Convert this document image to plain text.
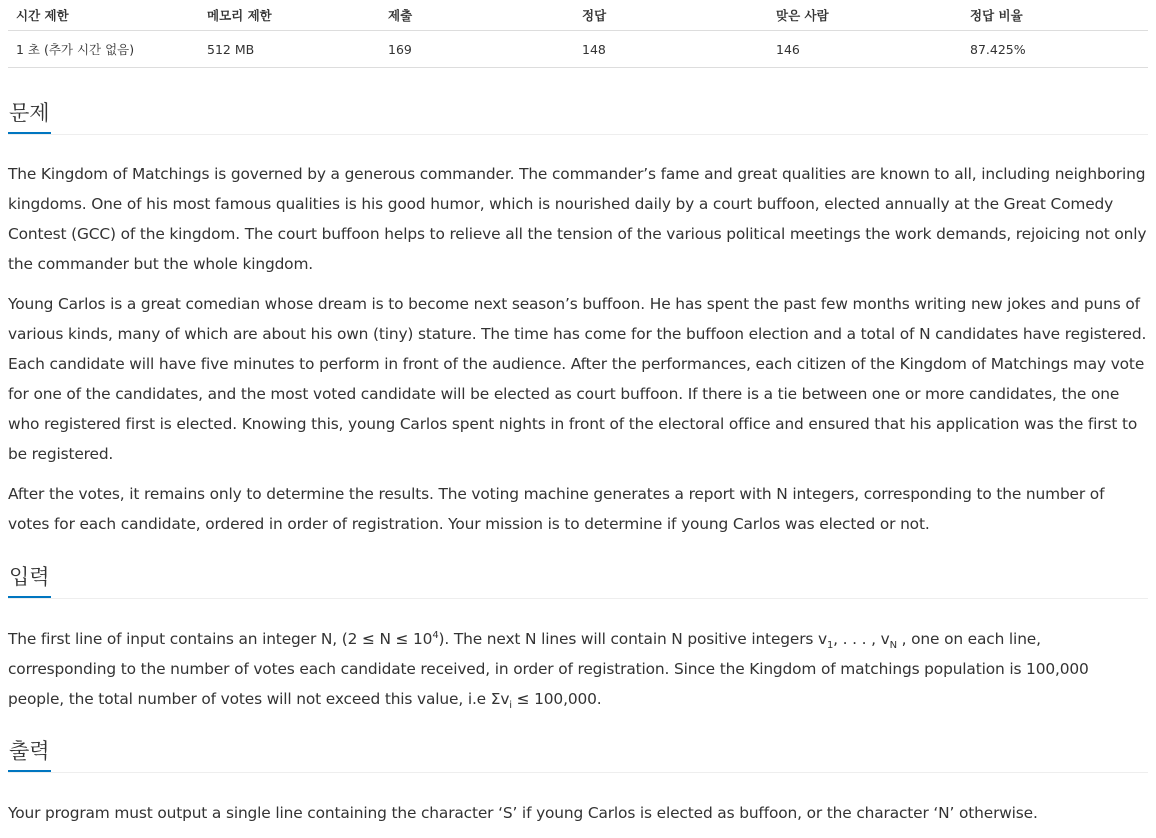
시간 제한	메모리 제한	제출	정답	맞은 사람	정답 비율
1 초 (추가 시간 없음)	512 MB	169	148	146	87.425%
문제

The Kingdom of Matchings is governed by a generous commander. The commander’s fame and great qualities are known to all, including neighboring kingdoms. One of his most famous qualities is his good humor, which is nourished daily by a court buffoon, elected annually at the Great Comedy Contest (GCC) of the kingdom. The court buffoon helps to relieve all the tension of the various political meetings the work demands, rejoicing not only the commander but the whole kingdom.

Young Carlos is a great comedian whose dream is to become next season’s buffoon. He has spent the past few months writing new jokes and puns of various kinds, many of which are about his own (tiny) stature. The time has come for the buffoon election and a total of N candidates have registered. Each candidate will have five minutes to perform in front of the audience. After the performances, each citizen of the Kingdom of Matchings may vote for one of the candidates, and the most voted candidate will be elected as court buffoon. If there is a tie between one or more candidates, the one who registered first is elected. Knowing this, young Carlos spent nights in front of the electoral office and ensured that his application was the first to be registered.

After the votes, it remains only to determine the results. The voting machine generates a report with N integers, corresponding to the number of votes for each candidate, ordered in order of registration. Your mission is to determine if young Carlos was elected or not.

입력

The first line of input contains an integer N, $(2 \le N \le 10^4)$. The next N lines will contain N positive integers $v_1$, . . . , $v_N$ , one on each line, corresponding to the number of votes each candidate received, in order of registration. Since the Kingdom of matchings population is 100,000 people, the total number of votes will not exceed this value, i.e $\Sigma v_i \le 100,000$.

출력

Your program must output a single line containing the character ‘S’ if young Carlos is elected as buffoon, or the character ‘N’ otherwise.
